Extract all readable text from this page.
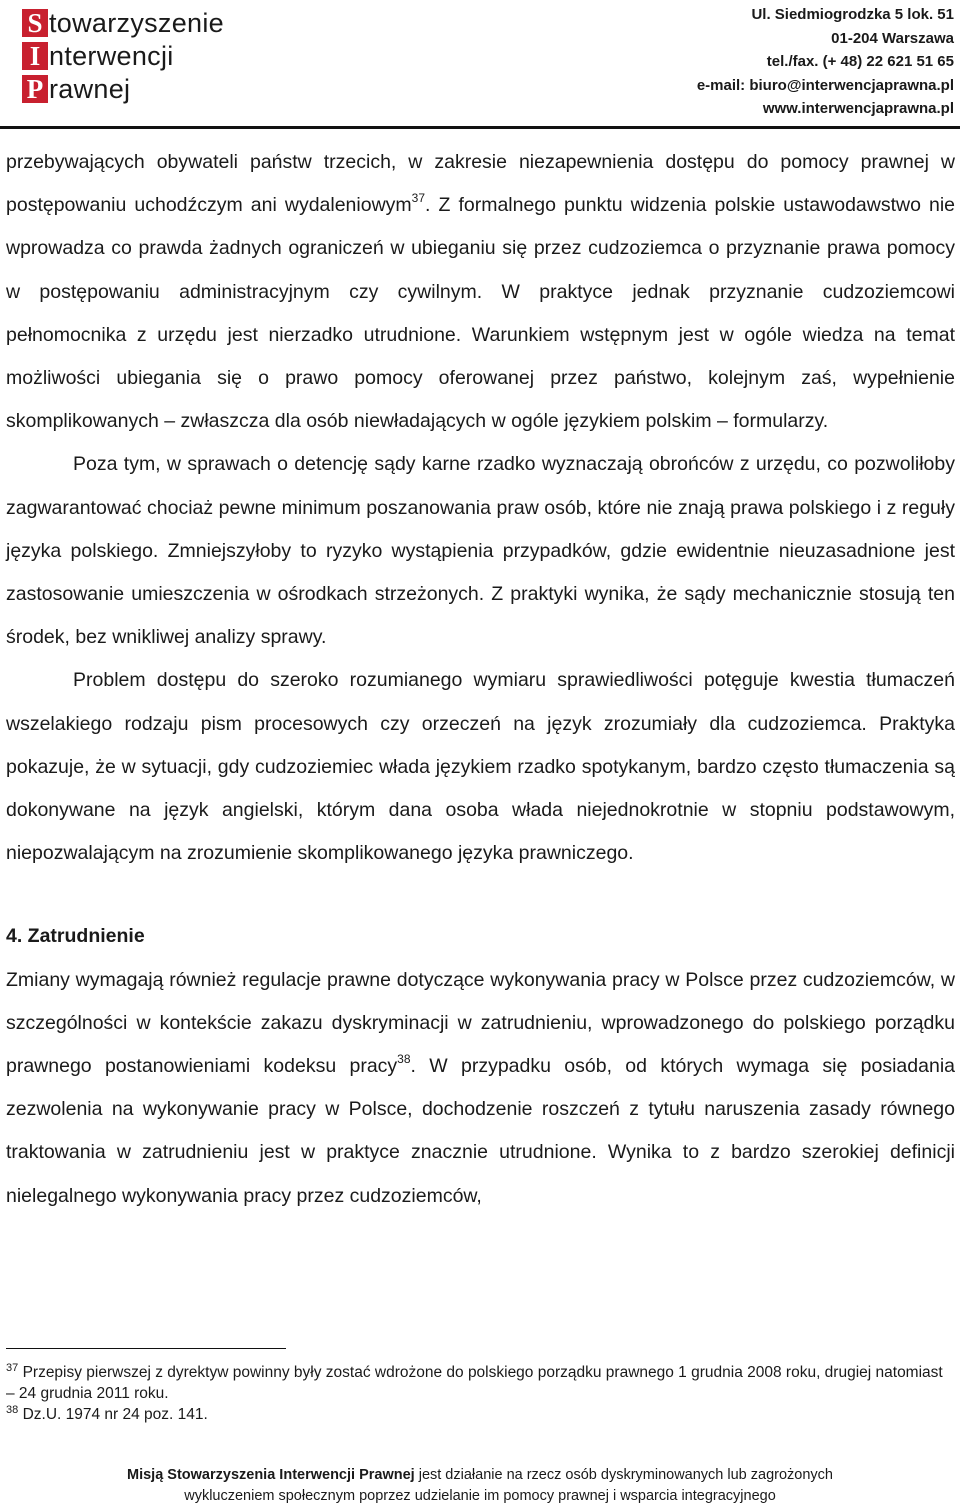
S towarzyszenie
I nterwencji
P rawnej
Ul. Siedmiogrodzka 5 lok. 51
01-204 Warszawa
tel./fax. (+ 48) 22 621 51 65
e-mail: biuro@interwencjaprawna.pl
www.interwencjaprawna.pl

przebywających obywateli państw trzecich, w zakresie niezapewnienia dostępu do pomocy prawnej w postępowaniu uchodźczym ani wydaleniowym$^{37}$. Z formalnego punktu widzenia polskie ustawodawstwo nie wprowadza co prawda żadnych ograniczeń w ubieganiu się przez cudzoziemca o przyznanie prawa pomocy w postępowaniu administracyjnym czy cywilnym. W praktyce jednak przyznanie cudzoziemcowi pełnomocnika z urzędu jest nierzadko utrudnione. Warunkiem wstępnym jest w ogóle wiedza na temat możliwości ubiegania się o prawo pomocy oferowanej przez państwo, kolejnym zaś, wypełnienie skomplikowanych – zwłaszcza dla osób niewładających w ogóle językiem polskim – formularzy.

Poza tym, w sprawach o detencję sądy karne rzadko wyznaczają obrońców z urzędu, co pozwoliłoby zagwarantować chociaż pewne minimum poszanowania praw osób, które nie znają prawa polskiego i z reguły języka polskiego. Zmniejszyłoby to ryzyko wystąpienia przypadków, gdzie ewidentnie nieuzasadnione jest zastosowanie umieszczenia w ośrodkach strzeżonych. Z praktyki wynika, że sądy mechanicznie stosują ten środek, bez wnikliwej analizy sprawy.

Problem dostępu do szeroko rozumianego wymiaru sprawiedliwości potęguje kwestia tłumaczeń wszelakiego rodzaju pism procesowych czy orzeczeń na język zrozumiały dla cudzoziemca. Praktyka pokazuje, że w sytuacji, gdy cudzoziemiec włada językiem rzadko spotykanym, bardzo często tłumaczenia są dokonywane na język angielski, którym dana osoba włada niejednokrotnie w stopniu podstawowym, niepozwalającym na zrozumienie skomplikowanego języka prawniczego.

4. Zatrudnienie

Zmiany wymagają również regulacje prawne dotyczące wykonywania pracy w Polsce przez cudzoziemców, w szczególności w kontekście zakazu dyskryminacji w zatrudnieniu, wprowadzonego do polskiego porządku prawnego postanowieniami kodeksu pracy$^{38}$. W przypadku osób, od których wymaga się posiadania zezwolenia na wykonywanie pracy w Polsce, dochodzenie roszczeń z tytułu naruszenia zasady równego traktowania w zatrudnieniu jest w praktyce znacznie utrudnione. Wynika to z bardzo szerokiej definicji nielegalnego wykonywania pracy przez cudzoziemców,

$^{37}$ Przepisy pierwszej z dyrektyw powinny były zostać wdrożone do polskiego porządku prawnego 1 grudnia 2008 roku, drugiej natomiast – 24 grudnia 2011 roku.

$^{38}$ Dz.U. 1974 nr 24 poz. 141.

Misją Stowarzyszenia Interwencji Prawnej jest działanie na rzecz osób dyskryminowanych lub zagrożonych
wykluczeniem społecznym poprzez udzielanie im pomocy prawnej i wsparcia integracyjnego
